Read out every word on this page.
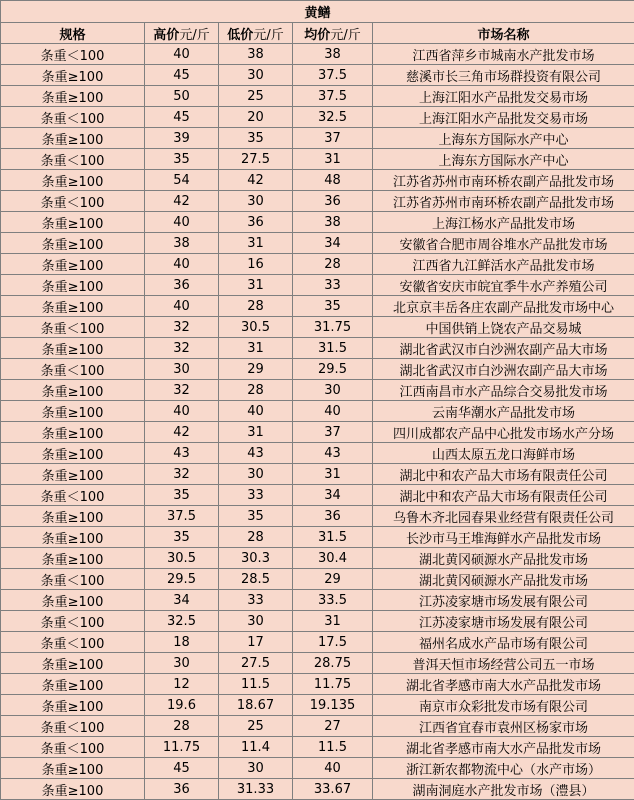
黄鳝				
规格	高价元/斤	低价元/斤	均价元/斤	市场名称
条重＜100	40	38	38	江西省萍乡市城南水产批发市场
条重≥100	45	30	37.5	慈溪市长三角市场群投资有限公司
条重≥100	50	25	37.5	上海江阳水产品批发交易市场
条重＜100	45	20	32.5	上海江阳水产品批发交易市场
条重≥100	39	35	37	上海东方国际水产中心
条重＜100	35	27.5	31	上海东方国际水产中心
条重≥100	54	42	48	江苏省苏州市南环桥农副产品批发市场
条重＜100	42	30	36	江苏省苏州市南环桥农副产品批发市场
条重≥100	40	36	38	上海江杨水产品批发市场
条重≥100	38	31	34	安徽省合肥市周谷堆水产品批发市场
条重≥100	40	16	28	江西省九江鲜活水产品批发市场
条重≥100	36	31	33	安徽省安庆市皖宜季牛水产养殖公司
条重≥100	40	28	35	北京京丰岳各庄农副产品批发市场中心
条重＜100	32	30.5	31.75	中国供销上饶农产品交易城
条重≥100	32	31	31.5	湖北省武汉市白沙洲农副产品大市场
条重＜100	30	29	29.5	湖北省武汉市白沙洲农副产品大市场
条重≥100	32	28	30	江西南昌市水产品综合交易批发市场
条重≥100	40	40	40	云南华潮水产品批发市场
条重≥100	42	31	37	四川成都农产品中心批发市场水产分场
条重≥100	43	43	43	山西太原五龙口海鲜市场
条重≥100	32	30	31	湖北中和农产品大市场有限责任公司
条重＜100	35	33	34	湖北中和农产品大市场有限责任公司
条重≥100	37.5	35	36	乌鲁木齐北园春果业经营有限责任公司
条重≥100	35	28	31.5	长沙市马王堆海鲜水产品批发市场
条重≥100	30.5	30.3	30.4	湖北黄冈硕源水产品批发市场
条重＜100	29.5	28.5	29	湖北黄冈硕源水产品批发市场
条重≥100	34	33	33.5	江苏凌家塘市场发展有限公司
条重＜100	32.5	30	31	江苏凌家塘市场发展有限公司
条重＜100	18	17	17.5	福州名成水产品市场有限公司
条重≥100	30	27.5	28.75	普洱天恒市场经营公司五一市场
条重≥100	12	11.5	11.75	湖北省孝感市南大水产品批发市场
条重≥100	19.6	18.67	19.135	南京市众彩批发市场有限公司
条重＜100	28	25	27	江西省宜春市袁州区杨家市场
条重＜100	11.75	11.4	11.5	湖北省孝感市南大水产品批发市场
条重≥100	45	30	40	浙江新农都物流中心（水产市场）
条重≥100	36	31.33	33.67	湖南洞庭水产批发市场（澧县）
